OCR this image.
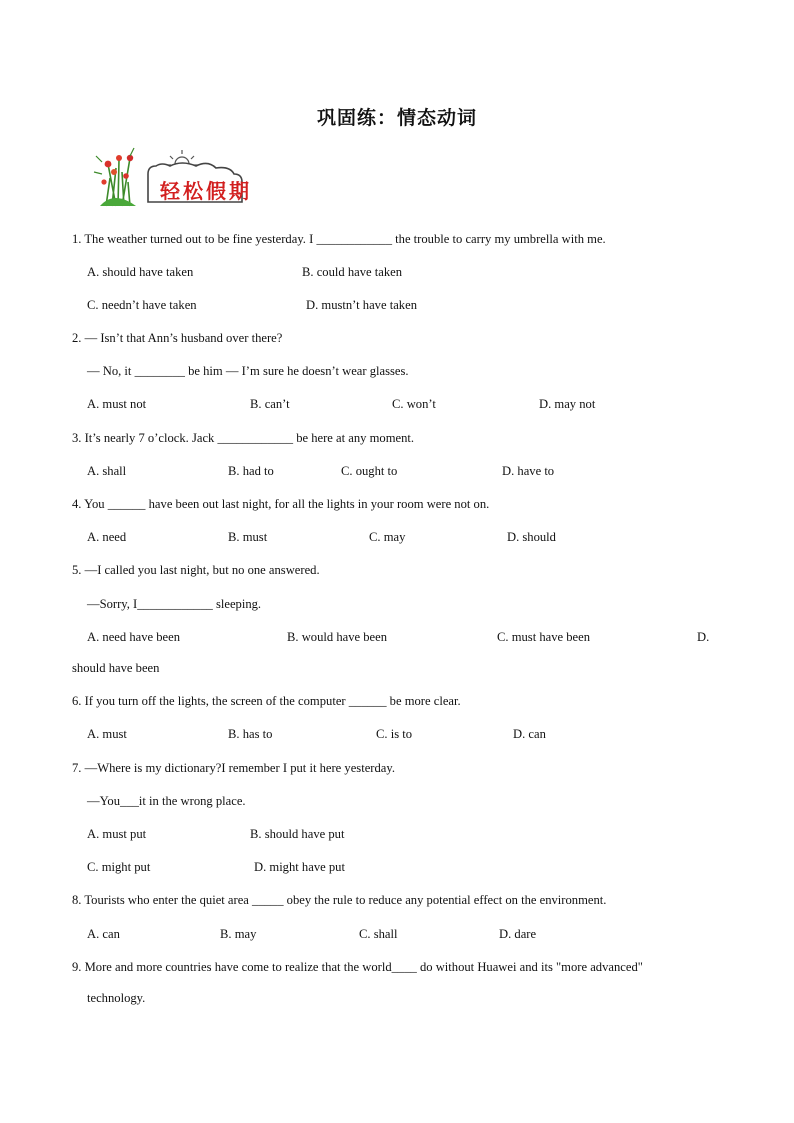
巩固练：情态动词
轻松假期
1. The weather turned out to be fine yesterday. I ____________ the trouble to carry my umbrella with me.
A. should have taken	B. could have taken
C. needn’t have taken	D. mustn’t have taken
2. — Isn’t that Ann’s husband over there?
— No, it ________ be him — I’m sure he doesn’t wear glasses.
A. must not	B. can’t	C. won’t	D. may not
3. It’s nearly 7 o’clock. Jack ____________ be here at any moment.
A. shall	B. had to	C. ought to	D. have to
4. You ______ have been out last night, for all the lights in your room were not on.
A. need	B. must	C. may	D. should
5. —I called you last night, but no one answered.
—Sorry, I____________ sleeping.
A. need have been	B. would have been	C. must have been	D.
should have been
6. If you turn off the lights, the screen of the computer ______ be more clear.
A. must	B. has to	C. is to	D. can
7. —Where is my dictionary?I remember I put it here yesterday.
—You___it in the wrong place.
A. must put	B. should have put
C. might put	D. might have put
8. Tourists who enter the quiet area _____ obey the rule to reduce any potential effect on the environment.
A. can	B. may	C. shall	D. dare
9. More and more countries have come to realize that the world____ do without Huawei and its "more advanced"
technology.
